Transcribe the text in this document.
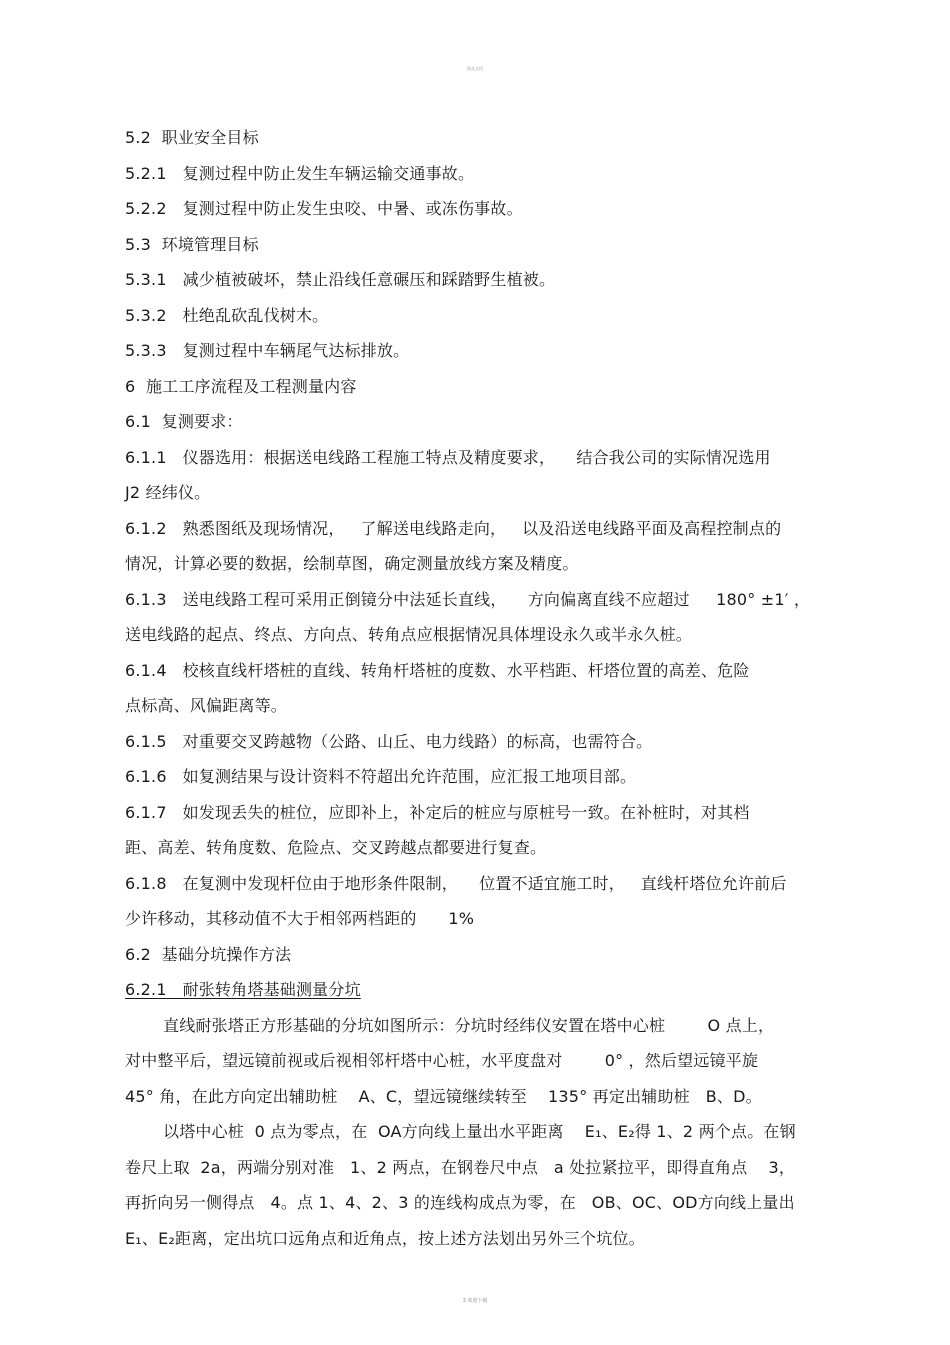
精品文档
5.2  职业安全目标
5.2.1   复测过程中防止发生车辆运输交通事故。
5.2.2   复测过程中防止发生虫咬、中暑、或冻伤事故。
5.3  环境管理目标
5.3.1   减少植被破坏，禁止沿线任意碾压和踩踏野生植被。
5.3.2   杜绝乱砍乱伐树木。
5.3.3   复测过程中车辆尾气达标排放。
6  施工工序流程及工程测量内容
6.1  复测要求：
6.1.1   仪器选用：根据送电线路工程施工特点及精度要求，    结合我公司的实际情况选用
J2 经纬仪。
6.1.2   熟悉图纸及现场情况，   了解送电线路走向，   以及沿送电线路平面及高程控制点的
情况，计算必要的数据，绘制草图，确定测量放线方案及精度。
6.1.3   送电线路工程可采用正倒镜分中法延长直线，    方向偏离直线不应超过     180° ±1′ ，
送电线路的起点、终点、方向点、转角点应根据情况具体埋设永久或半永久桩。
6.1.4   校核直线杆塔桩的直线、转角杆塔桩的度数、水平档距、杆塔位置的高差、危险
点标高、风偏距离等。
6.1.5   对重要交叉跨越物（公路、山丘、电力线路）的标高，也需符合。
6.1.6   如复测结果与设计资料不符超出允许范围，应汇报工地项目部。
6.1.7   如发现丢失的桩位，应即补上，补定后的桩应与原桩号一致。在补桩时，对其档
距、高差、转角度数、危险点、交叉跨越点都要进行复查。
6.1.8   在复测中发现杆位由于地形条件限制，    位置不适宜施工时，   直线杆塔位允许前后
少许移动，其移动值不大于相邻两档距的      1%
6.2  基础分坑操作方法
6.2.1   耐张转角塔基础测量分坑
直线耐张塔正方形基础的分坑如图所示：分坑时经纬仪安置在塔中心桩        O 点上，
对中整平后，望远镜前视或后视相邻杆塔中心桩，水平度盘对        0° ，然后望远镜平旋
45° 角，在此方向定出辅助桩    A、C，望远镜继续转至    135° 再定出辅助桩   B、D。
以塔中心桩  0 点为零点，在  OA方向线上量出水平距离    E₁、E₂得 1、2 两个点。在钢
卷尺上取  2a，两端分别对准   1、2 两点，在钢卷尺中点   a 处拉紧拉平，即得直角点    3，
再折向另一侧得点   4。点 1、4、2、3 的连线构成点为零，在   OB、OC、OD方向线上量出
E₁、E₂距离，定出坑口远角点和近角点，按上述方法划出另外三个坑位。
3 欢迎下载
